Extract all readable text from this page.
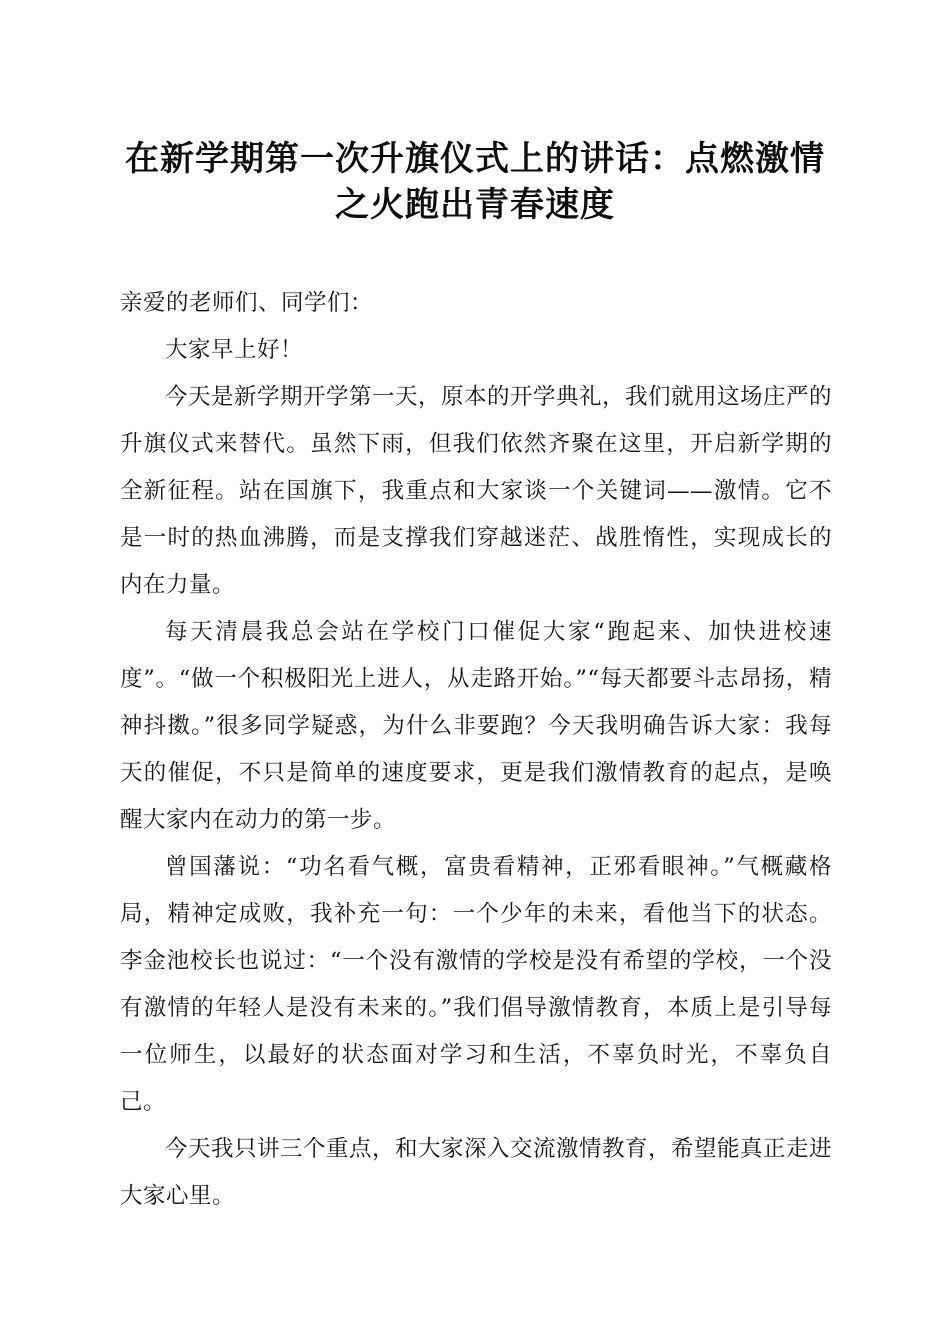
在新学期第一次升旗仪式上的讲话：点燃激情之火跑出青春速度

亲爱的老师们、同学们：

大家早上好！

今天是新学期开学第一天，原本的开学典礼，我们就用这场庄严的升旗仪式来替代。虽然下雨，但我们依然齐聚在这里，开启新学期的全新征程。站在国旗下，我重点和大家谈一个关键词——激情。它不是一时的热血沸腾，而是支撑我们穿越迷茫、战胜惰性，实现成长的内在力量。

每天清晨我总会站在学校门口催促大家“跑起来、加快进校速度”。“做一个积极阳光上进人，从走路开始。”“每天都要斗志昂扬，精神抖擞。”很多同学疑惑，为什么非要跑？今天我明确告诉大家：我每天的催促，不只是简单的速度要求，更是我们激情教育的起点，是唤醒大家内在动力的第一步。

曾国藩说：“功名看气概，富贵看精神，正邪看眼神。”气概藏格局，精神定成败，我补充一句：一个少年的未来，看他当下的状态。李金池校长也说过：“一个没有激情的学校是没有希望的学校，一个没有激情的年轻人是没有未来的。”我们倡导激情教育，本质上是引导每一位师生，以最好的状态面对学习和生活，不辜负时光，不辜负自己。

今天我只讲三个重点，和大家深入交流激情教育，希望能真正走进大家心里。
